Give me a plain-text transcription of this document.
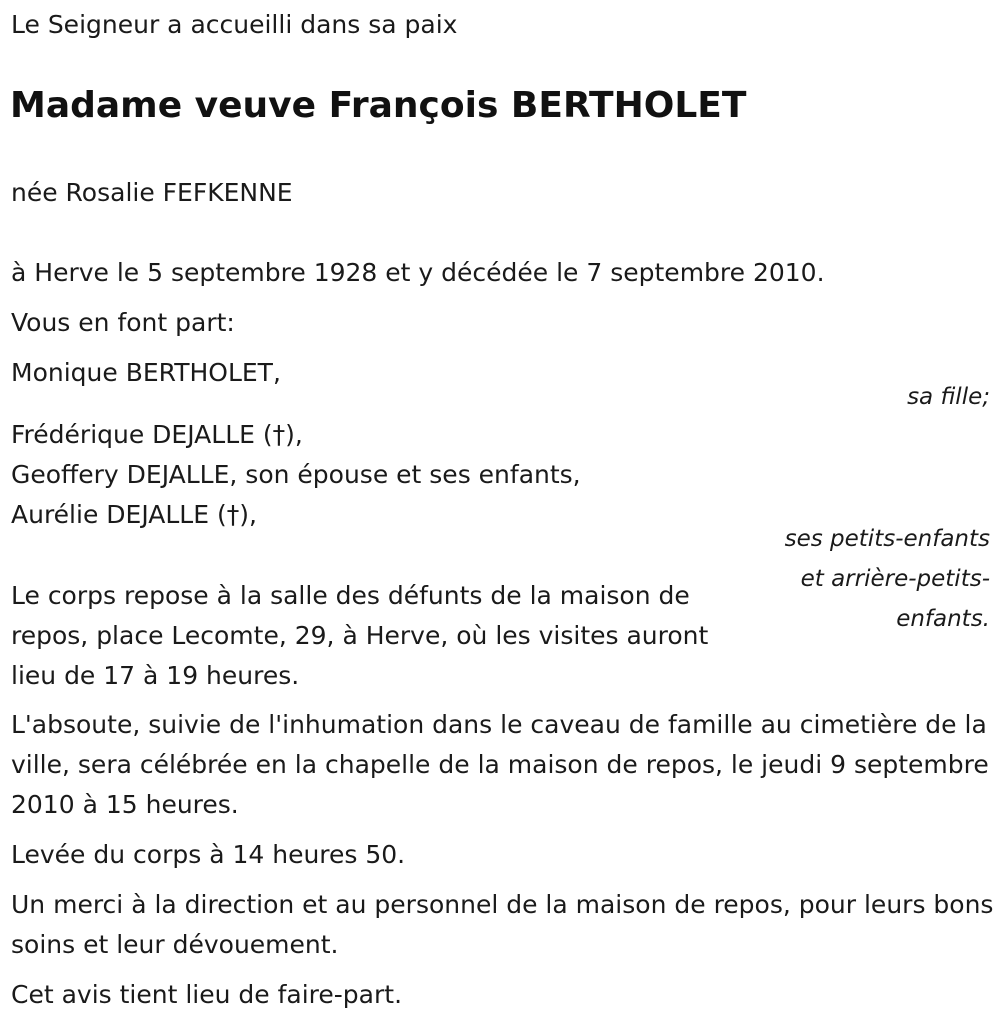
Le Seigneur a accueilli dans sa paix
Madame veuve François BERTHOLET
née Rosalie FEFKENNE
à Herve le 5 septembre 1928 et y décédée le 7 septembre 2010.
Vous en font part:
Monique BERTHOLET,
sa fille;
Frédérique DEJALLE (†),
Geoffery DEJALLE, son épouse et ses enfants,
Aurélie DEJALLE (†),
ses petits-enfants
et arrière-petits-
enfants.
Le corps repose à la salle des défunts de la maison de repos, place Lecomte, 29, à Herve, où les visites auront lieu de 17 à 19 heures.
L'absoute, suivie de l'inhumation dans le caveau de famille au cimetière de la ville, sera célébrée en la chapelle de la maison de repos, le jeudi 9 septembre 2010 à 15 heures.
Levée du corps à 14 heures 50.
Un merci à la direction et au personnel de la maison de repos, pour leurs bons soins et leur dévouement.
Cet avis tient lieu de faire-part.
